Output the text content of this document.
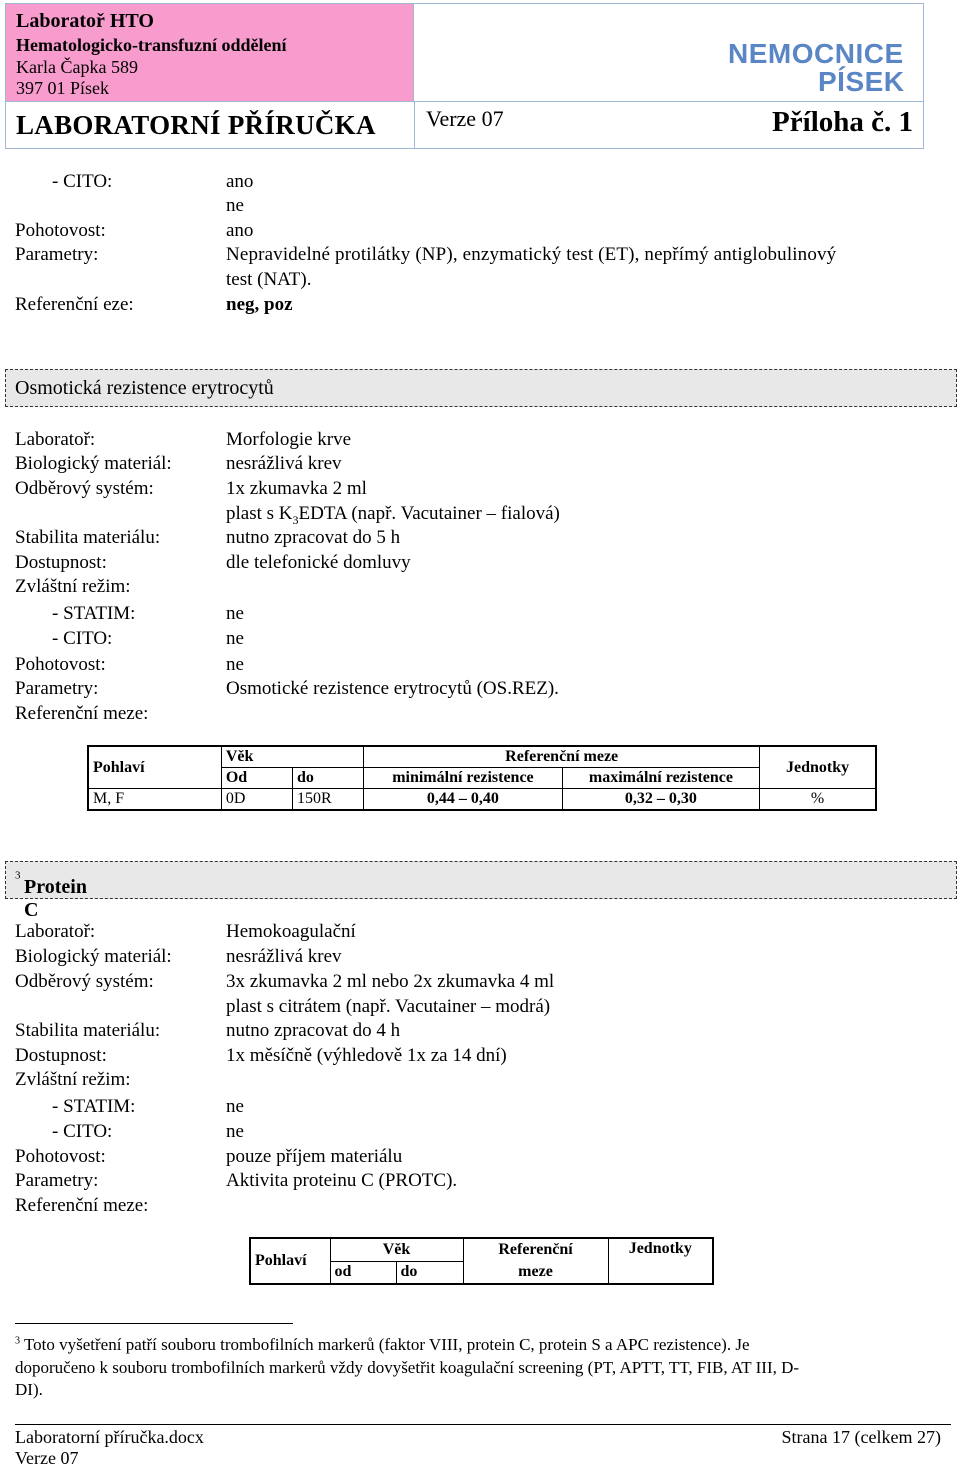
Laboratoř HTO
Hematologicko-transfuzní oddělení
Karla Čapka 589
397 01 Písek
NEMOCNICE
PÍSEK
LABORATORNÍ PŘÍRUČKA Verze 07	Příloha č. 1
- CITO:	ano
ne
Pohotovost:	ano
Parametry:	Nepravidelné protilátky (NP), enzymatický test (ET), nepřímý antiglobulinový
test (NAT).
Referenční eze:	neg, poz
Osmotická rezistence erytrocytů
Laboratoř:	Morfologie krve
Biologický materiál:	nesrážlivá krev
Odběrový systém:	1x zkumavka 2 ml
plast s $K_3EDTA$ (např. Vacutainer – fialová)
Stabilita materiálu:	nutno zpracovat do 5 h
Dostupnost:	dle telefonické domluvy
Zvláštní režim:
- STATIM:	ne
- CITO:	ne
Pohotovost:	ne
Parametry:	Osmotické rezistence erytrocytů (OS.REZ).
Referenční meze:
Pohlaví	Věk		Referenční meze		Jednotky
	Od	do	minimální rezistence	maximální rezistence	
M, F	0D	150R	0,44 – 0,40	0,32 – 0,30	%
Protein C
$^3$
Laboratoř:	Hemokoagulační
Biologický materiál:	nesrážlivá krev
Odběrový systém:	3x zkumavka 2 ml nebo 2x zkumavka 4 ml
plast s citrátem (např. Vacutainer – modrá)
Stabilita materiálu:	nutno zpracovat do 4 h
Dostupnost:	1x měsíčně (výhledově 1x za 14 dní)
Zvláštní režim:
- STATIM:	ne
- CITO:	ne
Pohotovost:	pouze příjem materiálu
Parametry:	Aktivita proteinu C (PROTC).
Referenční meze:
Pohlaví	Věk		Referenční	Jednotky
	od	do	meze	
$^3$ Toto vyšetření patří souboru trombofilních markerů (faktor VIII, protein C, protein S a APC rezistence). Je
doporučeno k souboru trombofilních markerů vždy dovyšetřit koagulační screening (PT, APTT, TT, FIB, AT III, D-
DI).
Laboratorní příručka.docx
Verze 07
Strana 17 (celkem 27)
